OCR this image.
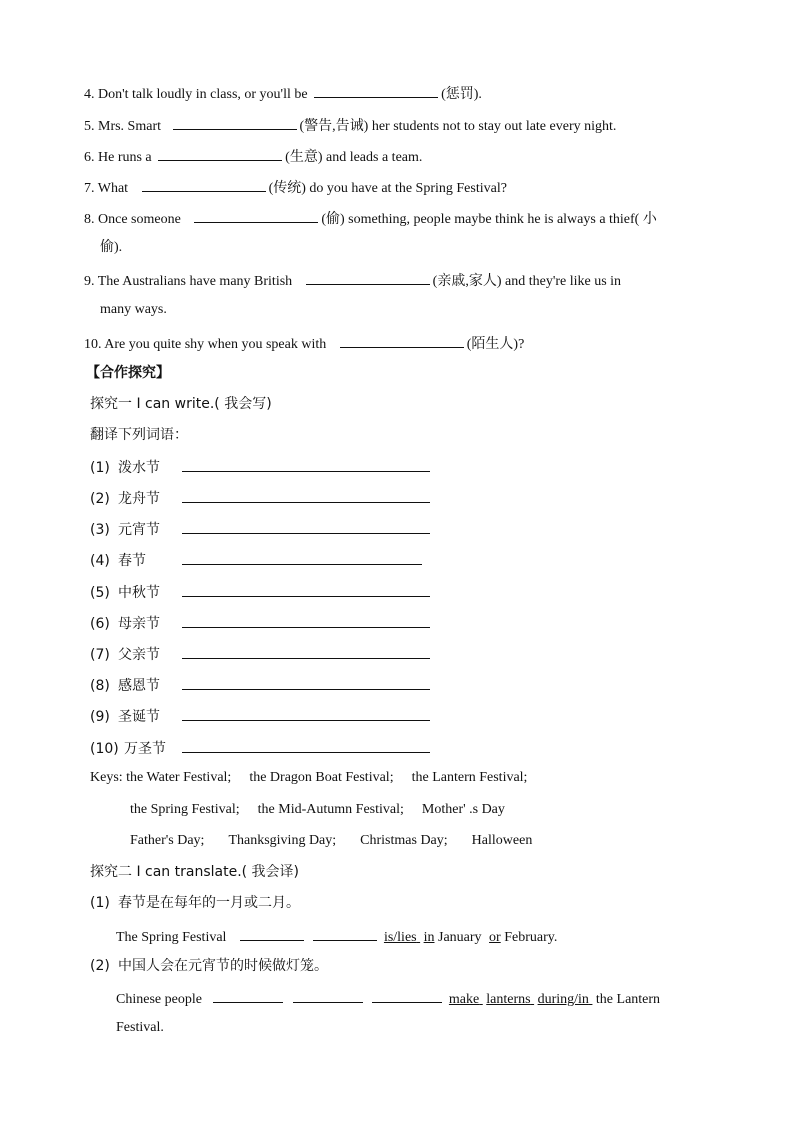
4. Don't talk loudly in class, or you'll be	(惩罚).
5. Mrs. Smart	(警告,告诫) her students not to stay out late every night.
6. He runs a	(生意) and leads a team.
7. What	(传统) do you have at the Spring Festival?
8. Once someone	(偷) something, people maybe think he is always a thief( 小
偷).
9. The Australians have many British	(亲戚,家人) and they're like us in
many ways.
10. Are you quite shy when you speak with	(陌生人)?
【合作探究】
探究一 I can write.( 我会写)
翻译下列词语：
(1) 泼水节
(2) 龙舟节
(3) 元宵节
(4) 春节
(5) 中秋节
(6) 母亲节
(7) 父亲节
(8) 感恩节
(9) 圣诞节
(10) 万圣节
Keys: the Water Festival; the Dragon Boat Festival; the Lantern Festival;
the Spring Festival; the Mid-Autumn Festival; Mother' .s Day
Father's Day; Thanksgiving Day; Christmas Day; Halloween
探究二 I can translate.( 我会译)
(1) 春节是在每年的一月或二月。
The Spring Festival	is/lies in January or February.
(2) 中国人会在元宵节的时候做灯笼。
Chinese people	make lanterns during/in the Lantern
Festival.
